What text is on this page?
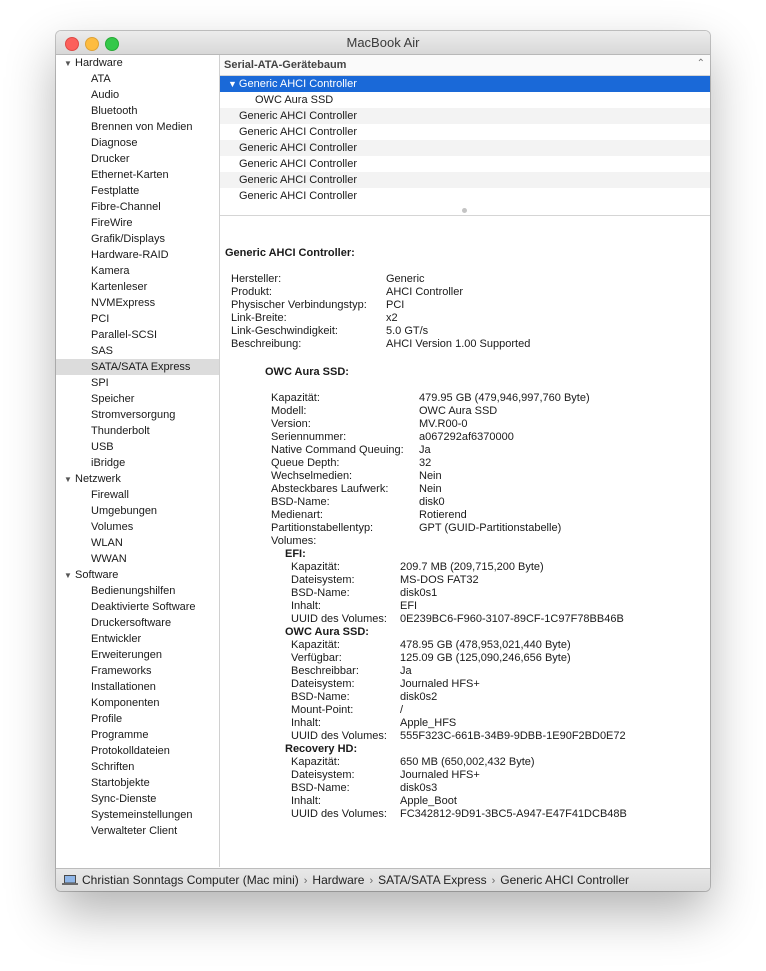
MacBook Air
▼ Hardware
ATA
Audio
Bluetooth
Brennen von Medien
Diagnose
Drucker
Ethernet-Karten
Festplatte
Fibre-Channel
FireWire
Grafik/Displays
Hardware-RAID
Kamera
Kartenleser
NVMExpress
PCI
Parallel-SCSI
SAS
SATA/SATA Express
SPI
Speicher
Stromversorgung
Thunderbolt
USB
iBridge
▼ Netzwerk
Firewall
Umgebungen
Volumes
WLAN
WWAN
▼ Software
Bedienungshilfen
Deaktivierte Software
Druckersoftware
Entwickler
Erweiterungen
Frameworks
Installationen
Komponenten
Profile
Programme
Protokolldateien
Schriften
Startobjekte
Sync-Dienste
Systemeinstellungen
Verwalteter Client
Serial-ATA-Gerätebaum	⌃
▼ Generic AHCI Controller
OWC Aura SSD
Generic AHCI Controller
Generic AHCI Controller
Generic AHCI Controller
Generic AHCI Controller
Generic AHCI Controller
Generic AHCI Controller
Generic AHCI Controller:
Hersteller:	Generic
Produkt:	AHCI Controller
Physischer Verbindungstyp:	PCI
Link-Breite:	x2
Link-Geschwindigkeit:	5.0 GT/s
Beschreibung:	AHCI Version 1.00 Supported
OWC Aura SSD:
Kapazität:	479.95 GB (479,946,997,760 Byte)
Modell:	OWC Aura SSD
Version:	MV.R00-0
Seriennummer:	a067292af6370000
Native Command Queuing:	Ja
Queue Depth:	32
Wechselmedien:	Nein
Absteckbares Laufwerk:	Nein
BSD-Name:	disk0
Medienart:	Rotierend
Partitionstabellentyp:	GPT (GUID-Partitionstabelle)
Volumes:	
EFI:
Kapazität:	209.7 MB (209,715,200 Byte)
Dateisystem:	MS-DOS FAT32
BSD-Name:	disk0s1
Inhalt:	EFI
UUID des Volumes:	0E239BC6-F960-3107-89CF-1C97F78BB46B
OWC Aura SSD:
Kapazität:	478.95 GB (478,953,021,440 Byte)
Verfügbar:	125.09 GB (125,090,246,656 Byte)
Beschreibbar:	Ja
Dateisystem:	Journaled HFS+
BSD-Name:	disk0s2
Mount-Point:	/
Inhalt:	Apple_HFS
UUID des Volumes:	555F323C-661B-34B9-9DBB-1E90F2BD0E72
Recovery HD:
Kapazität:	650 MB (650,002,432 Byte)
Dateisystem:	Journaled HFS+
BSD-Name:	disk0s3
Inhalt:	Apple_Boot
UUID des Volumes:	FC342812-9D91-3BC5-A947-E47F41DCB48B
Christian Sonntags Computer (Mac mini) › Hardware › SATA/SATA Express › Generic AHCI Controller
